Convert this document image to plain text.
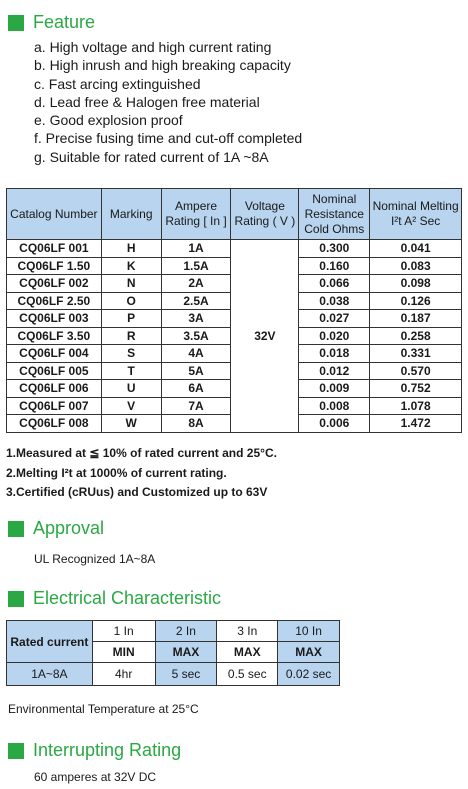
Feature
a. High voltage and high current rating
b. High inrush and high breaking capacity
c. Fast arcing extinguished
d. Lead free & Halogen free material
e. Good explosion proof
f. Precise fusing time and cut-off completed
g. Suitable for rated current of 1A ~8A
Catalog Number	Marking	Ampere Rating [ In ]	Voltage Rating ( V )	Nominal Resistance Cold Ohms	Nominal Melting I²t A² Sec
CQ06LF 001	H	1A	32V	0.300	0.041
CQ06LF 1.50	K	1.5A		0.160	0.083
CQ06LF 002	N	2A		0.066	0.098
CQ06LF 2.50	O	2.5A		0.038	0.126
CQ06LF 003	P	3A		0.027	0.187
CQ06LF 3.50	R	3.5A		0.020	0.258
CQ06LF 004	S	4A		0.018	0.331
CQ06LF 005	T	5A		0.012	0.570
CQ06LF 006	U	6A		0.009	0.752
CQ06LF 007	V	7A		0.008	1.078
CQ06LF 008	W	8A		0.006	1.472
1.Measured at ≦ 10% of rated current and 25°C.
2.Melting I²t at 1000% of current rating.
3.Certified (cRUus) and Customized up to 63V
Approval
UL Recognized 1A~8A
Electrical Characteristic
Rated current	1 In	2 In	3 In	10 In
	MIN	MAX	MAX	MAX
1A~8A	4hr	5 sec	0.5 sec	0.02 sec
Environmental Temperature at 25°C
Interrupting Rating
60 amperes at 32V DC
